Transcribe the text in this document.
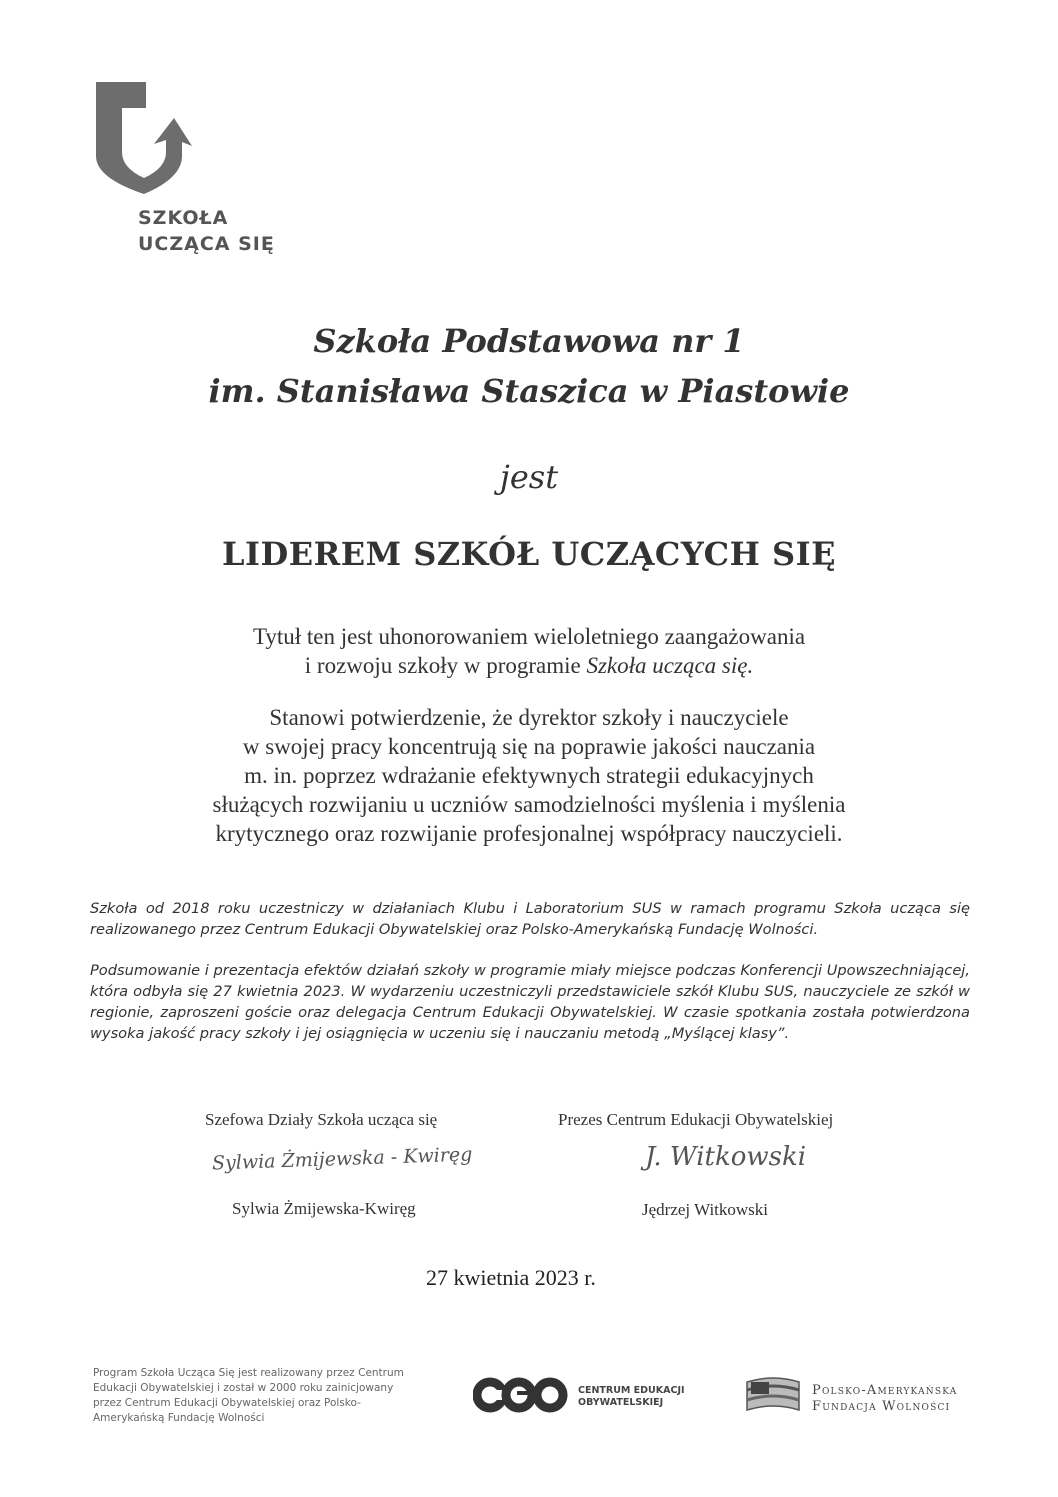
SZKOŁA
UCZĄCA SIĘ
Szkoła Podstawowa nr 1
im. Stanisława Staszica w Piastowie
jest
LIDEREM SZKÓŁ UCZĄCYCH SIĘ
Tytuł ten jest uhonorowaniem wieloletniego zaangażowania
i rozwoju szkoły w programie Szkoła ucząca się.
Stanowi potwierdzenie, że dyrektor szkoły i nauczyciele
w swojej pracy koncentrują się na poprawie jakości nauczania
m. in. poprzez wdrażanie efektywnych strategii edukacyjnych
służących rozwijaniu u uczniów samodzielności myślenia i myślenia
krytycznego oraz rozwijanie profesjonalnej współpracy nauczycieli.
Szkoła od 2018 roku uczestniczy w działaniach Klubu i Laboratorium SUS w ramach programu Szkoła ucząca się realizowanego przez Centrum Edukacji Obywatelskiej oraz Polsko-Amerykańską Fundację Wolności.
Podsumowanie i prezentacja efektów działań szkoły w programie miały miejsce podczas Konferencji Upowszechniającej, która odbyła się 27 kwietnia 2023. W wydarzeniu uczestniczyli przedstawiciele szkół Klubu SUS, nauczyciele ze szkół w regionie, zaproszeni goście oraz delegacja Centrum Edukacji Obywatelskiej. W czasie spotkania została potwierdzona wysoka jakość pracy szkoły i jej osiągnięcia w uczeniu się i nauczaniu metodą „Myślącej klasy”.
Szefowa Działy Szkoła ucząca się
Sylwia Żmijewska - Kwiręg
Sylwia Żmijewska-Kwiręg
Prezes Centrum Edukacji Obywatelskiej
J. Witkowski
Jędrzej Witkowski
27 kwietnia 2023 r.
Program Szkoła Ucząca Się jest realizowany przez Centrum Edukacji Obywatelskiej i został w 2000 roku zainicjowany przez Centrum Edukacji Obywatelskiej oraz Polsko-Amerykańską Fundację Wolności
CENTRUM EDUKACJI
OBYWATELSKIEJ
Polsko-Amerykańska
Fundacja Wolności
